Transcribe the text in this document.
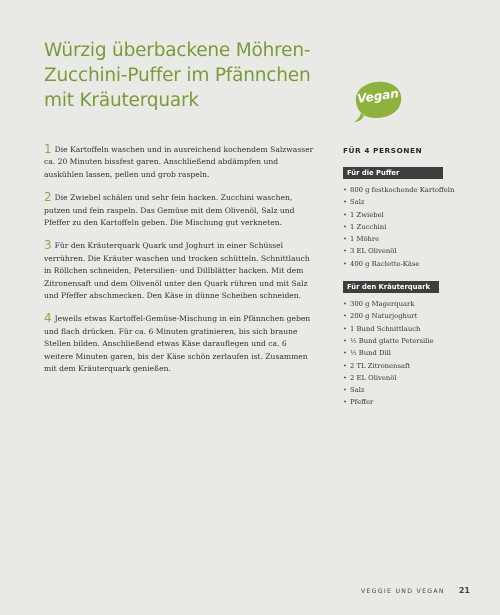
Würzig überbackene Möhren-
Zucchini-Puffer im Pfännchen
mit Kräuterquark	Vegan

1 Die Kartoffeln waschen und in ausreichend kochendem Salzwasser ca. 20 Minuten bissfest garen. Anschließend abdämpfen und auskühlen lassen, pellen und grob raspeln.

2 Die Zwiebel schälen und sehr fein hacken. Zucchini waschen, putzen und fein raspeln. Das Gemüse mit dem Olivenöl, Salz und Pfeffer zu den Kartoffeln geben. Die Mischung gut verkneten.

3 Für den Kräuterquark Quark und Joghurt in einer Schüssel verrühren. Die Kräuter waschen und trocken schütteln. Schnittlauch in Röllchen schneiden, Petersilien- und Dillblätter hacken. Mit dem Zitronensaft und dem Olivenöl unter den Quark rühren und mit Salz und Pfeffer abschmecken. Den Käse in dünne Scheiben schneiden.

4 Jeweils etwas Kartoffel-Gemüse-Mischung in ein Pfännchen geben und flach drücken. Für ca. 6 Minuten gratinieren, bis sich braune Stellen bilden. Anschließend etwas Käse darauflegen und ca. 6 weitere Minuten garen, bis der Käse schön zerlaufen ist. Zusammen mit dem Kräuterquark genießen.

FÜR 4 PERSONEN

Für die Puffer
• 800 g festkochende Kartoffeln
• Salz
• 1 Zwiebel
• 1 Zucchini
• 1 Möhre
• 3 EL Olivenöl
• 400 g Raclette-Käse
Für den Kräuterquark
• 300 g Magerquark
• 200 g Naturjoghurt
• 1 Bund Schnittlauch
• ½ Bund glatte Petersilie
• ½ Bund Dill
• 2 TL Zitronensaft
• 2 EL Olivenöl
• Salz
• Pfeffer
VEGGIE UND VEGAN 21
